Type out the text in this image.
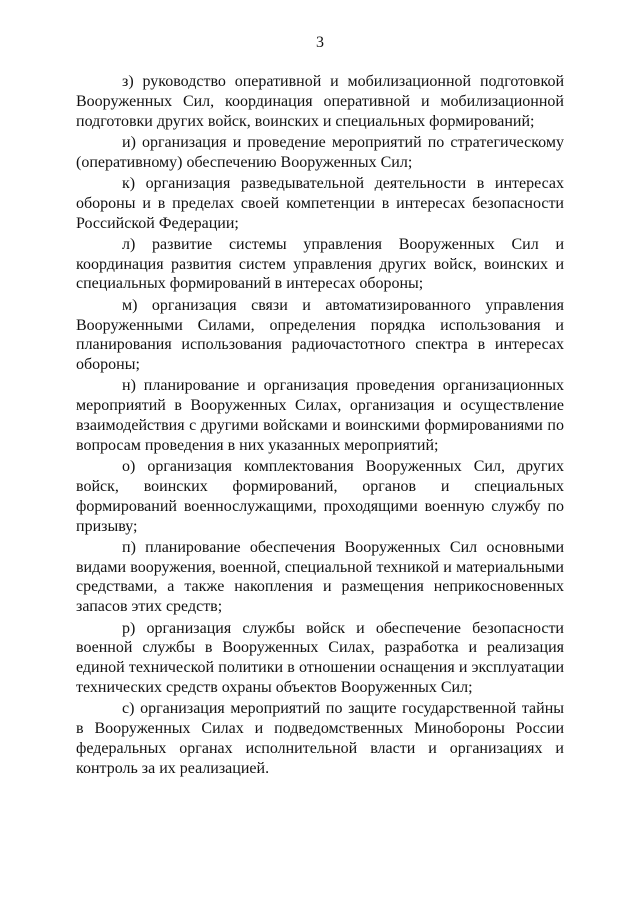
3

з) руководство оперативной и мобилизационной подготовкой Вооруженных Сил, координация оперативной и мобилизационной подготовки других войск, воинских и специальных формирований;

и) организация и проведение мероприятий по стратегическому (оперативному) обеспечению Вооруженных Сил;

к) организация разведывательной деятельности в интересах обороны и в пределах своей компетенции в интересах безопасности Российской Федерации;

л) развитие системы управления Вооруженных Сил и координация развития систем управления других войск, воинских и специальных формирований в интересах обороны;

м) организация связи и автоматизированного управления Вооруженными Силами, определения порядка использования и планирования использования радиочастотного спектра в интересах обороны;

н) планирование и организация проведения организационных мероприятий в Вооруженных Силах, организация и осуществление взаимодействия с другими войсками и воинскими формированиями по вопросам проведения в них указанных мероприятий;

о) организация комплектования Вооруженных Сил, других войск, воинских формирований, органов и специальных формирований военнослужащими, проходящими военную службу по призыву;

п) планирование обеспечения Вооруженных Сил основными видами вооружения, военной, специальной техникой и материальными средствами, а также накопления и размещения неприкосновенных запасов этих средств;

р) организация службы войск и обеспечение безопасности военной службы в Вооруженных Силах, разработка и реализация единой технической политики в отношении оснащения и эксплуатации технических средств охраны объектов Вооруженных Сил;

с) организация мероприятий по защите государственной тайны в Вооруженных Силах и подведомственных Минобороны России федеральных органах исполнительной власти и организациях и контроль за их реализацией.
